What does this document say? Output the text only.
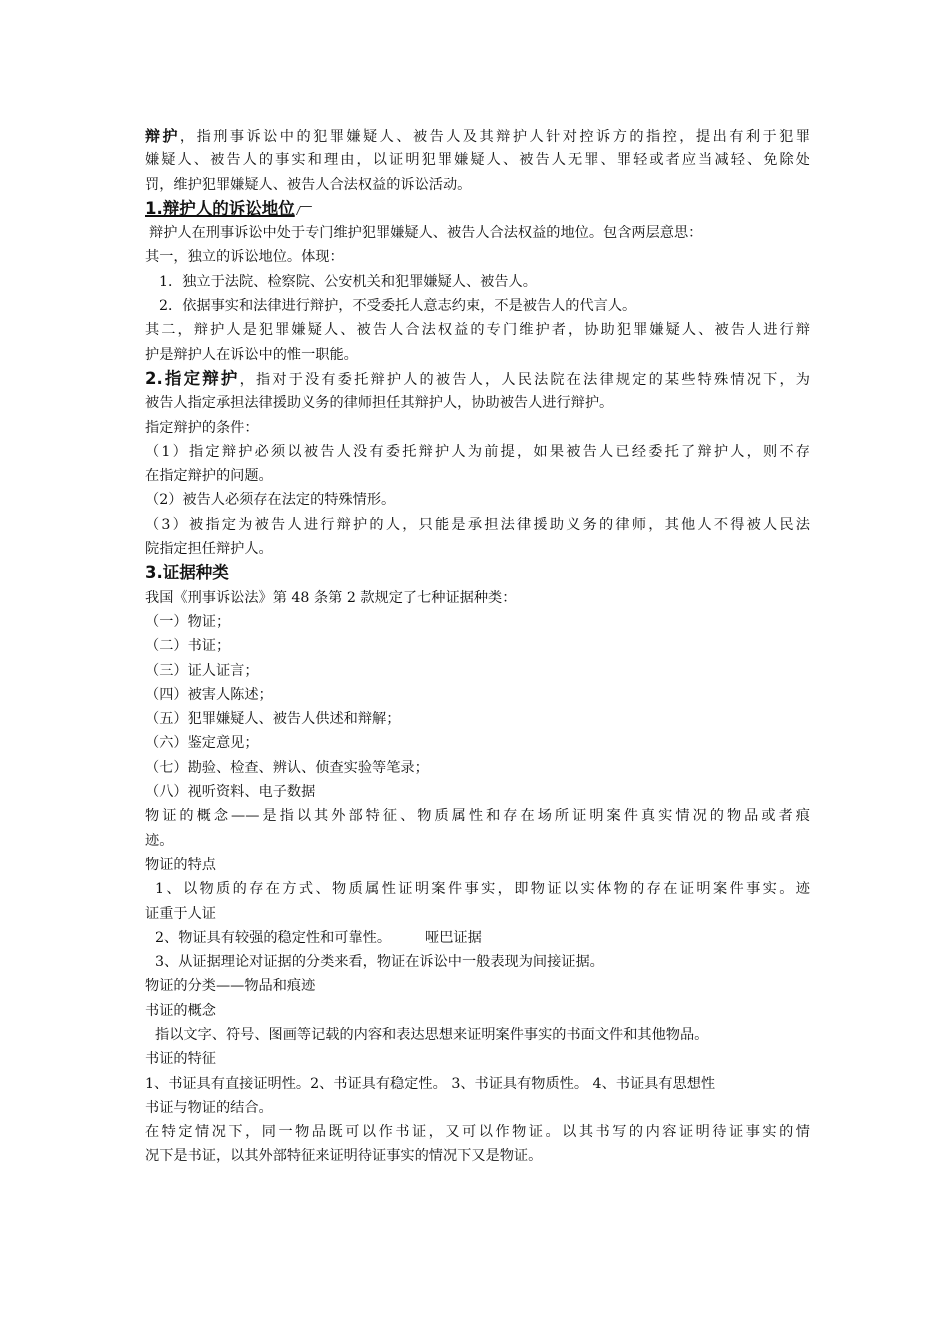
辩护，指刑事诉讼中的犯罪嫌疑人、被告人及其辩护人针对控诉方的指控，提出有利于犯罪

嫌疑人、被告人的事实和理由，以证明犯罪嫌疑人、被告人无罪、罪轻或者应当减轻、免除处

罚，维护犯罪嫌疑人、被告人合法权益的诉讼活动。

1.辩护人的诉讼地位

辩护人在刑事诉讼中处于专门维护犯罪嫌疑人、被告人合法权益的地位。包含两层意思：

其一，独立的诉讼地位。体现：

1．独立于法院、检察院、公安机关和犯罪嫌疑人、被告人。

2．依据事实和法律进行辩护，不受委托人意志约束，不是被告人的代言人。

其二，辩护人是犯罪嫌疑人、被告人合法权益的专门维护者，协助犯罪嫌疑人、被告人进行辩

护是辩护人在诉讼中的惟一职能。

2.指定辩护，指对于没有委托辩护人的被告人，人民法院在法律规定的某些特殊情况下，为

被告人指定承担法律援助义务的律师担任其辩护人，协助被告人进行辩护。

指定辩护的条件：

（1）指定辩护必须以被告人没有委托辩护人为前提，如果被告人已经委托了辩护人，则不存

在指定辩护的问题。

（2）被告人必须存在法定的特殊情形。

（3）被指定为被告人进行辩护的人，只能是承担法律援助义务的律师，其他人不得被人民法

院指定担任辩护人。

3.证据种类

我国《刑事诉讼法》第 48 条第 2 款规定了七种证据种类：

（一）物证；

（二）书证；

（三）证人证言；

（四）被害人陈述；

（五）犯罪嫌疑人、被告人供述和辩解；

（六）鉴定意见；

（七）勘验、检查、辨认、侦查实验等笔录；

（八）视听资料、电子数据

物证的概念——是指以其外部特征、物质属性和存在场所证明案件真实情况的物品或者痕

迹。

物证的特点

1、以物质的存在方式、物质属性证明案件事实，即物证以实体物的存在证明案件事实。迹

证重于人证

2、物证具有较强的稳定性和可靠性。 哑巴证据

3、从证据理论对证据的分类来看，物证在诉讼中一般表现为间接证据。

物证的分类——物品和痕迹

书证的概念

指以文字、符号、图画等记载的内容和表达思想来证明案件事实的书面文件和其他物品。

书证的特征

1、书证具有直接证明性。2、书证具有稳定性。 3、书证具有物质性。 4、书证具有思想性

书证与物证的结合。

在特定情况下，同一物品既可以作书证，又可以作物证。以其书写的内容证明待证事实的情

况下是书证，以其外部特征来证明待证事实的情况下又是物证。
